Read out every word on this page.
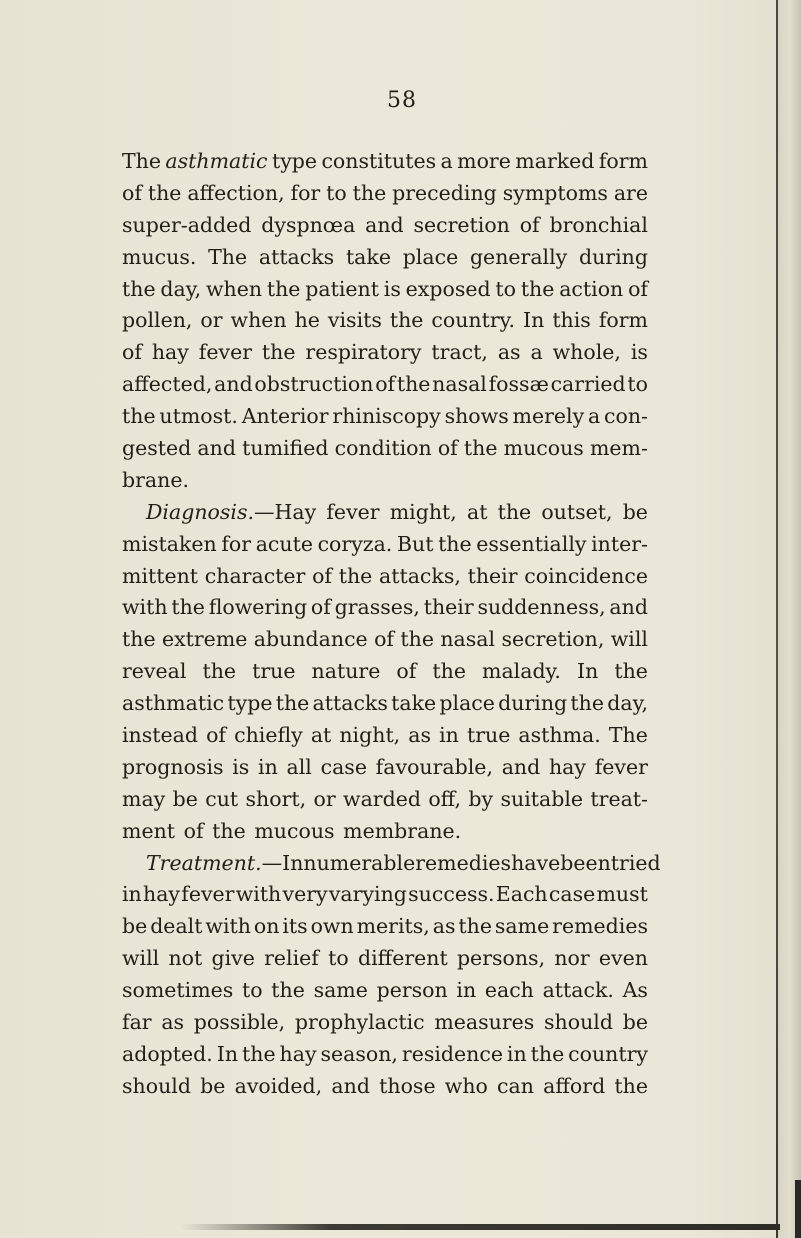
58
The asthmatic type constitutes a more marked form
of the affection, for to the preceding symptoms are
super-added dyspnœa and secretion of bronchial
mucus. The attacks take place generally during
the day, when the patient is exposed to the action of
pollen, or when he visits the country. In this form
of hay fever the respiratory tract, as a whole, is
affected, and obstruction of the nasal fossæ carried to
the utmost. Anterior rhiniscopy shows merely a con-
gested and tumified condition of the mucous mem-
brane.
Diagnosis.—Hay fever might, at the outset, be
mistaken for acute coryza. But the essentially inter-
mittent character of the attacks, their coincidence
with the flowering of grasses, their suddenness, and
the extreme abundance of the nasal secretion, will
reveal the true nature of the malady. In the
asthmatic type the attacks take place during the day,
instead of chiefly at night, as in true asthma. The
prognosis is in all case favourable, and hay fever
may be cut short, or warded off, by suitable treat-
ment of the mucous membrane.
Treatment.—Innumerable remedies have been tried
in hay fever with very varying success. Each case must
be dealt with on its own merits, as the same remedies
will not give relief to different persons, nor even
sometimes to the same person in each attack. As
far as possible, prophylactic measures should be
adopted. In the hay season, residence in the country
should be avoided, and those who can afford the
